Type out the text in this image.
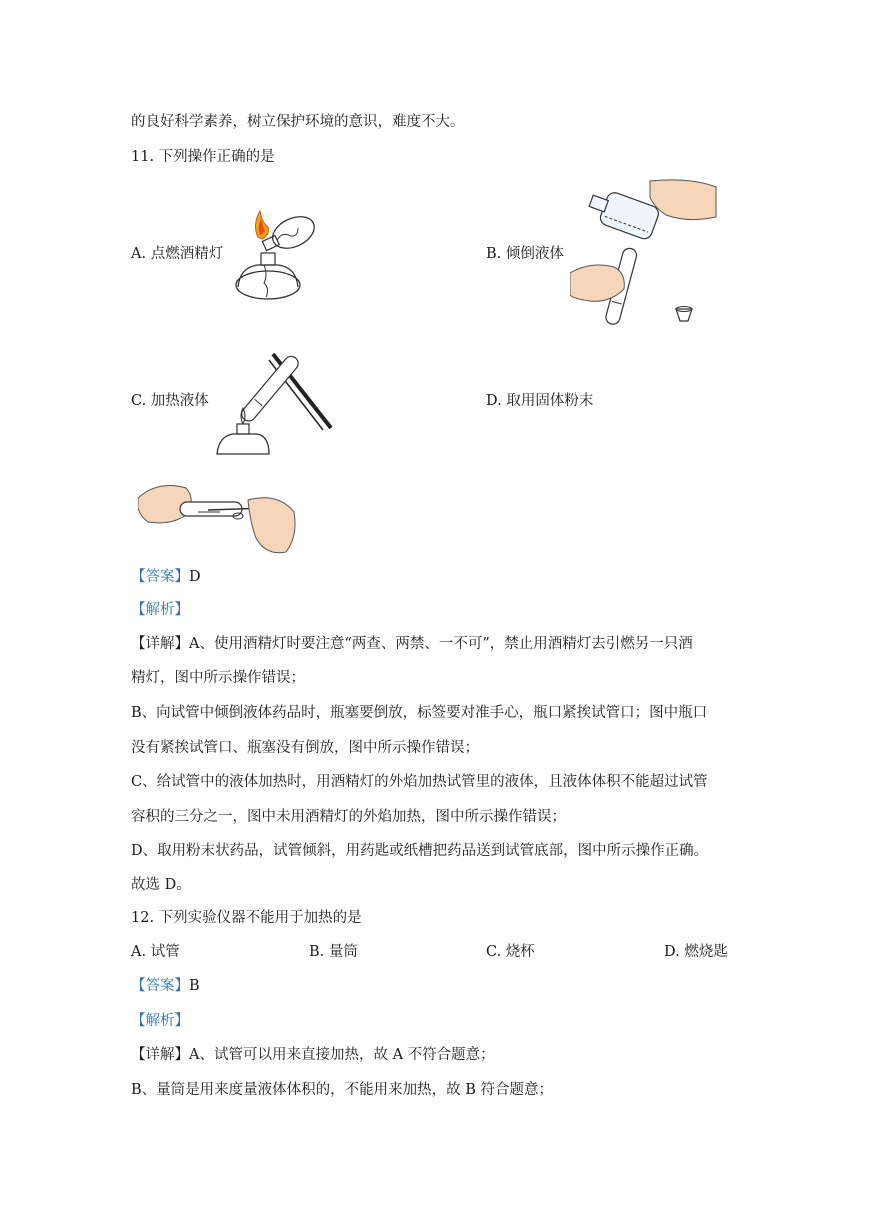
的良好科学素养，树立保护环境的意识，难度不大。
11. 下列操作正确的是
A. 点燃酒精灯	B. 倾倒液体
C. 加热液体	D. 取用固体粉末
【答案】D
【解析】
【详解】A、使用酒精灯时要注意“两查、两禁、一不可”，禁止用酒精灯去引燃另一只酒
精灯，图中所示操作错误；
B、向试管中倾倒液体药品时，瓶塞要倒放，标签要对准手心，瓶口紧挨试管口；图中瓶口
没有紧挨试管口、瓶塞没有倒放，图中所示操作错误；
C、给试管中的液体加热时，用酒精灯的外焰加热试管里的液体，且液体体积不能超过试管
容积的三分之一，图中未用酒精灯的外焰加热，图中所示操作错误；
D、取用粉末状药品，试管倾斜，用药匙或纸槽把药品送到试管底部，图中所示操作正确。
故选 D。
12. 下列实验仪器不能用于加热的是
A. 试管	B. 量筒	C. 烧杯	D. 燃烧匙
【答案】B
【解析】
【详解】A、试管可以用来直接加热，故 A 不符合题意；
B、量筒是用来度量液体体积的，不能用来加热，故 B 符合题意；
